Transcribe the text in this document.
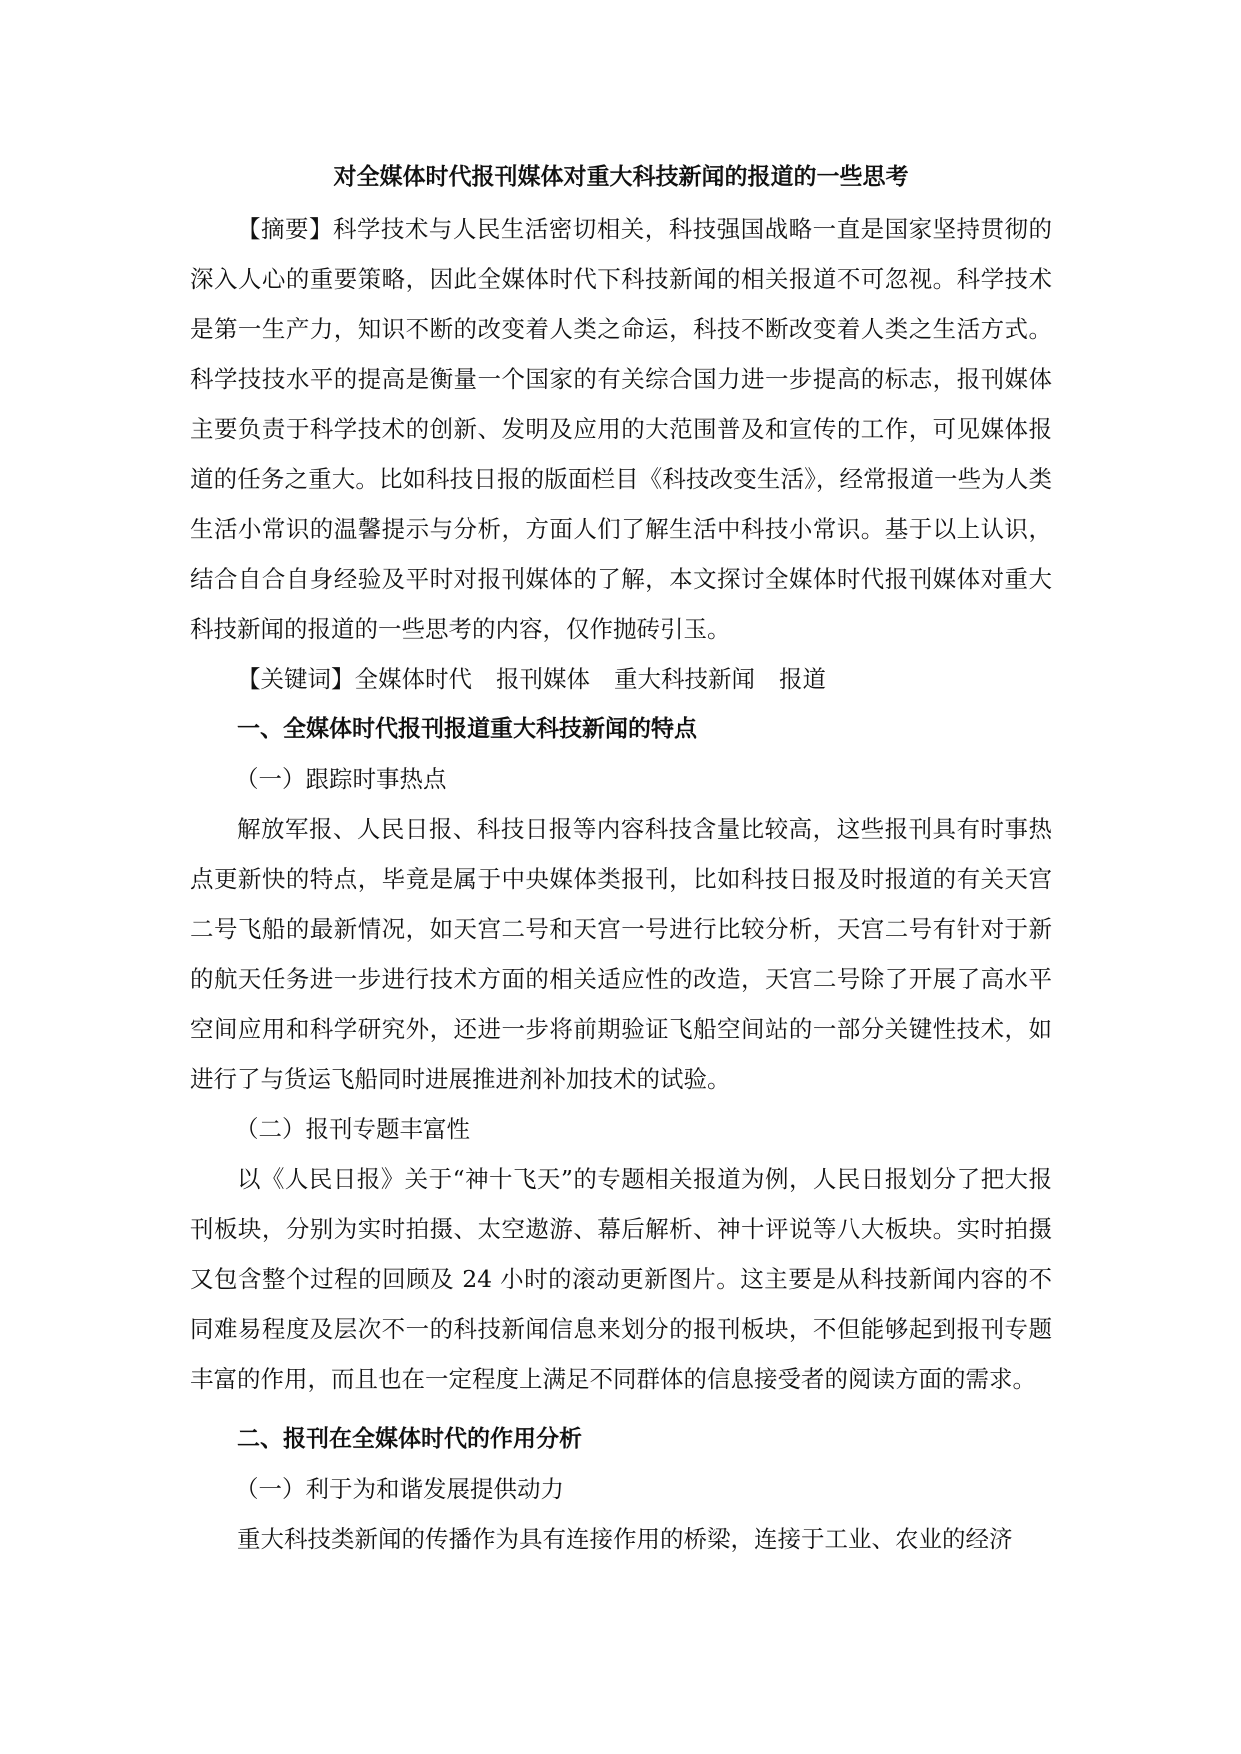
对全媒体时代报刊媒体对重大科技新闻的报道的一些思考

【摘要】科学技术与人民生活密切相关，科技强国战略一直是国家坚持贯彻的深入人心的重要策略，因此全媒体时代下科技新闻的相关报道不可忽视。科学技术是第一生产力，知识不断的改变着人类之命运，科技不断改变着人类之生活方式。科学技技水平的提高是衡量一个国家的有关综合国力进一步提高的标志，报刊媒体主要负责于科学技术的创新、发明及应用的大范围普及和宣传的工作，可见媒体报道的任务之重大。比如科技日报的版面栏目《科技改变生活》，经常报道一些为人类生活小常识的温馨提示与分析，方面人们了解生活中科技小常识。基于以上认识，结合自合自身经验及平时对报刊媒体的了解，本文探讨全媒体时代报刊媒体对重大科技新闻的报道的一些思考的内容，仅作抛砖引玉。

【关键词】全媒体时代 报刊媒体 重大科技新闻 报道
一、全媒体时代报刊报道重大科技新闻的特点
（一）跟踪时事热点

解放军报、人民日报、科技日报等内容科技含量比较高，这些报刊具有时事热点更新快的特点，毕竟是属于中央媒体类报刊，比如科技日报及时报道的有关天宫二号飞船的最新情况，如天宫二号和天宫一号进行比较分析，天宫二号有针对于新的航天任务进一步进行技术方面的相关适应性的改造，天宫二号除了开展了高水平空间应用和科学研究外，还进一步将前期验证飞船空间站的一部分关键性技术，如进行了与货运飞船同时进展推进剂补加技术的试验。

（二）报刊专题丰富性

以《人民日报》关于“神十飞天”的专题相关报道为例，人民日报划分了把大报刊板块，分别为实时拍摄、太空遨游、幕后解析、神十评说等八大板块。实时拍摄又包含整个过程的回顾及 24 小时的滚动更新图片。这主要是从科技新闻内容的不同难易程度及层次不一的科技新闻信息来划分的报刊板块，不但能够起到报刊专题丰富的作用，而且也在一定程度上满足不同群体的信息接受者的阅读方面的需求。

二、报刊在全媒体时代的作用分析
（一）利于为和谐发展提供动力

重大科技类新闻的传播作为具有连接作用的桥梁，连接于工业、农业的经济
